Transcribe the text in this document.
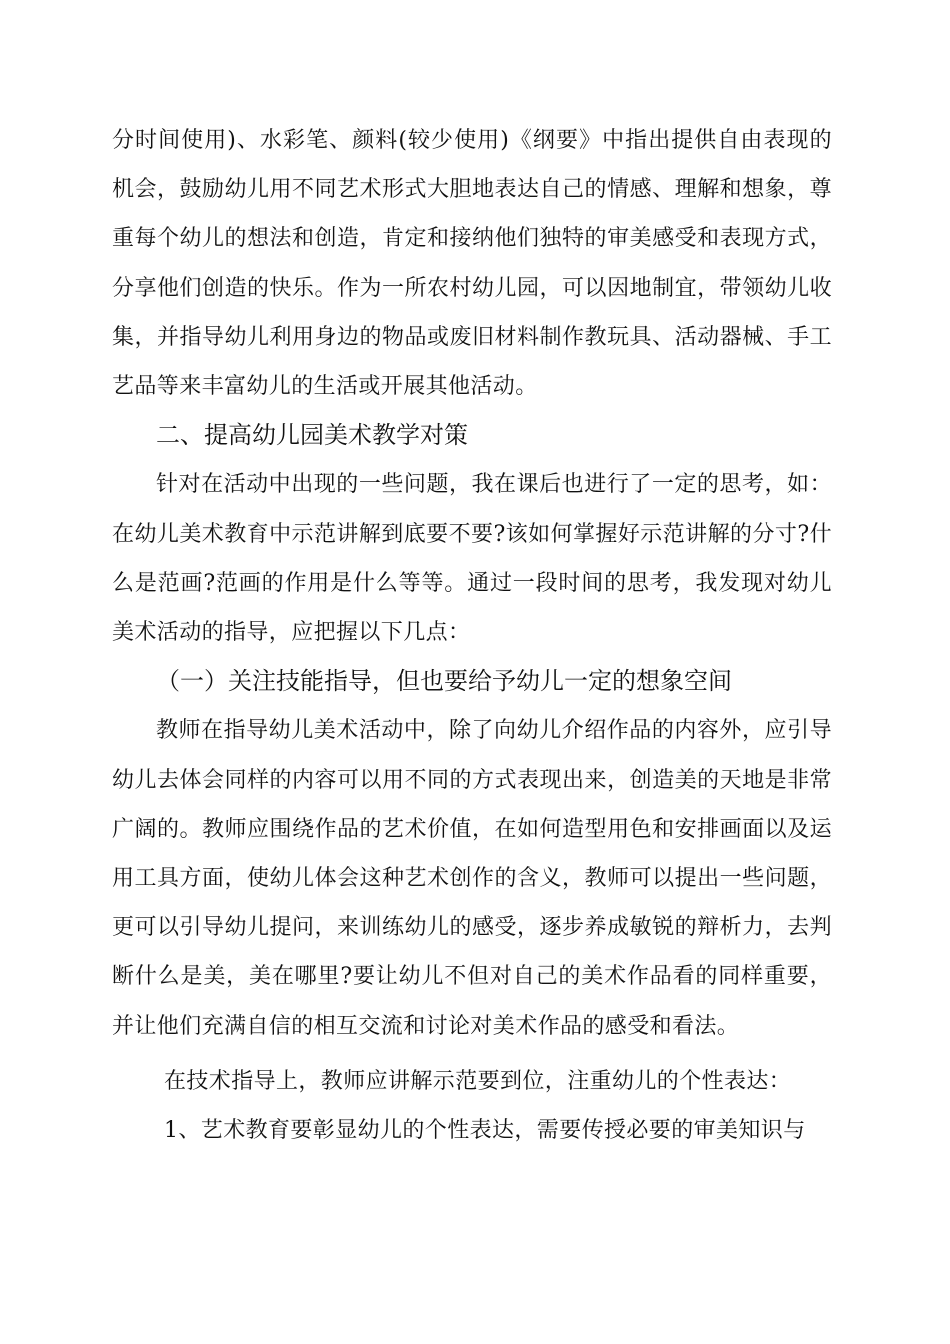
分时间使用)、水彩笔、颜料(较少使用)《纲要》中指出提供自由表现的机会，鼓励幼儿用不同艺术形式大胆地表达自己的情感、理解和想象，尊重每个幼儿的想法和创造，肯定和接纳他们独特的审美感受和表现方式，分享他们创造的快乐。作为一所农村幼儿园，可以因地制宜，带领幼儿收集，并指导幼儿利用身边的物品或废旧材料制作教玩具、活动器械、手工艺品等来丰富幼儿的生活或开展其他活动。

二、提高幼儿园美术教学对策

针对在活动中出现的一些问题，我在课后也进行了一定的思考，如：在幼儿美术教育中示范讲解到底要不要?该如何掌握好示范讲解的分寸?什么是范画?范画的作用是什么等等。通过一段时间的思考，我发现对幼儿美术活动的指导，应把握以下几点：

（一）关注技能指导，但也要给予幼儿一定的想象空间

教师在指导幼儿美术活动中，除了向幼儿介绍作品的内容外，应引导幼儿去体会同样的内容可以用不同的方式表现出来，创造美的天地是非常广阔的。教师应围绕作品的艺术价值，在如何造型用色和安排画面以及运用工具方面，使幼儿体会这种艺术创作的含义，教师可以提出一些问题，更可以引导幼儿提问，来训练幼儿的感受，逐步养成敏锐的辩析力，去判断什么是美，美在哪里?要让幼儿不但对自己的美术作品看的同样重要，并让他们充满自信的相互交流和讨论对美术作品的感受和看法。

在技术指导上，教师应讲解示范要到位，注重幼儿的个性表达：

1、艺术教育要彰显幼儿的个性表达，需要传授必要的审美知识与
